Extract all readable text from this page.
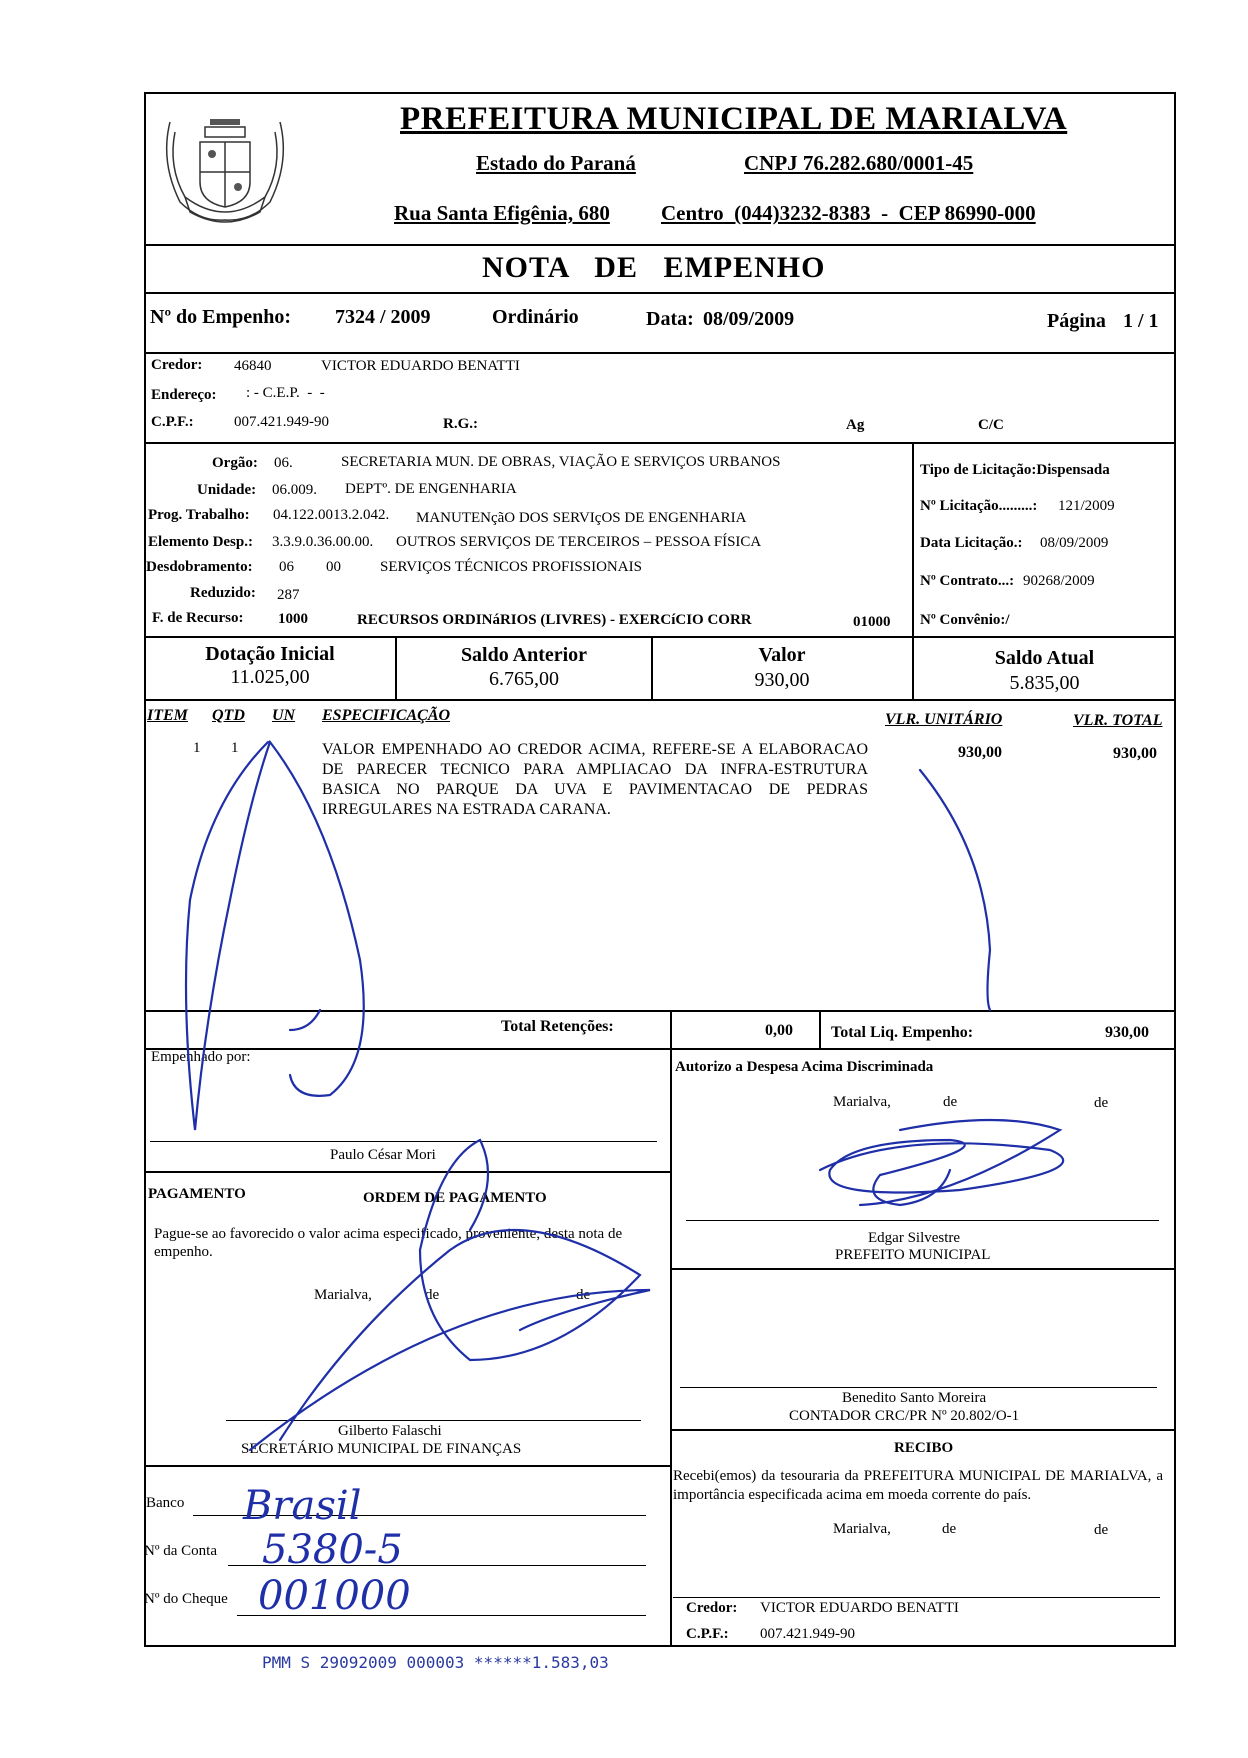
PREFEITURA MUNICIPAL DE MARIALVA
Estado do Paraná	CNPJ 76.282.680/0001-45
Rua Santa Efigênia, 680 Centro  (044)3232-8383  -  CEP 86990-000
NOTA   DE   EMPENHO
Nº do Empenho: 7324 / 2009	Ordinário	Data: 08/09/2009	Página 1 / 1
Credor: 46840	VICTOR EDUARDO BENATTI
Endereço: : - C.E.P.  -  -
C.P.F.:	007.421.949-90	R.G.:	Ag	C/C
Orgão: 06.	SECRETARIA MUN. DE OBRAS, VIAÇÃO E SERVIÇOS URBANOS
Unidade: 06.009. DEPTº. DE ENGENHARIA
Prog. Trabalho: 04.122.0013.2.042. MANUTENçãO DOS SERVIçOS DE ENGENHARIA
Elemento Desp.: 3.3.9.0.36.00.00. OUTROS SERVIÇOS DE TERCEIROS – PESSOA FÍSICA
Desdobramento: 06 00	SERVIÇOS TÉCNICOS PROFISSIONAIS
Reduzido: 287
F. de Recurso: 1000	RECURSOS ORDINáRIOS (LIVRES) - EXERCíCIO CORR	01000
Tipo de Licitação:Dispensada
Nº Licitação.........: 121/2009
Data Licitação.: 08/09/2009
Nº Contrato...: 90268/2009
Nº Convênio:/
Dotação Inicial
11.025,00
Saldo Anterior
6.765,00
Valor
930,00
Saldo Atual
5.835,00
ITEM QTD UN ESPECIFICAÇÃO	VLR. UNITÁRIO	VLR. TOTAL
1 1	VALOR EMPENHADO AO CREDOR ACIMA, REFERE-SE A ELABORACAO DE PARECER TECNICO PARA AMPLIACAO DA INFRA-ESTRUTURA BASICA NO PARQUE DA UVA E PAVIMENTACAO DE PEDRAS IRREGULARES NA ESTRADA CARANA.
930,00	930,00
Total Retenções:	0,00 Total Liq. Empenho:	930,00
Empenhado por:
Paulo César Mori
Autorizo a Despesa Acima Discriminada
Marialva,	de	de
Edgar Silvestre
PREFEITO MUNICIPAL
PAGAMENTO	ORDEM DE PAGAMENTO
Pague-se ao favorecido o valor acima especificado, proveniente, desta nota de empenho.
Marialva,	de	de
Gilberto Falaschi
SECRETÁRIO MUNICIPAL DE FINANÇAS
Benedito Santo Moreira
CONTADOR CRC/PR Nº 20.802/O-1
RECIBO
Recebi(emos) da tesouraria da PREFEITURA MUNICIPAL DE MARIALVA, a importância especificada acima em moeda corrente do país.
Marialva,	de	de
Credor: VICTOR EDUARDO BENATTI
C.P.F.: 007.421.949-90
Banco
Nº da Conta
Nº do Cheque
Brasil
5380-5
001000
PMM S 29092009 000003 ******1.583,03
